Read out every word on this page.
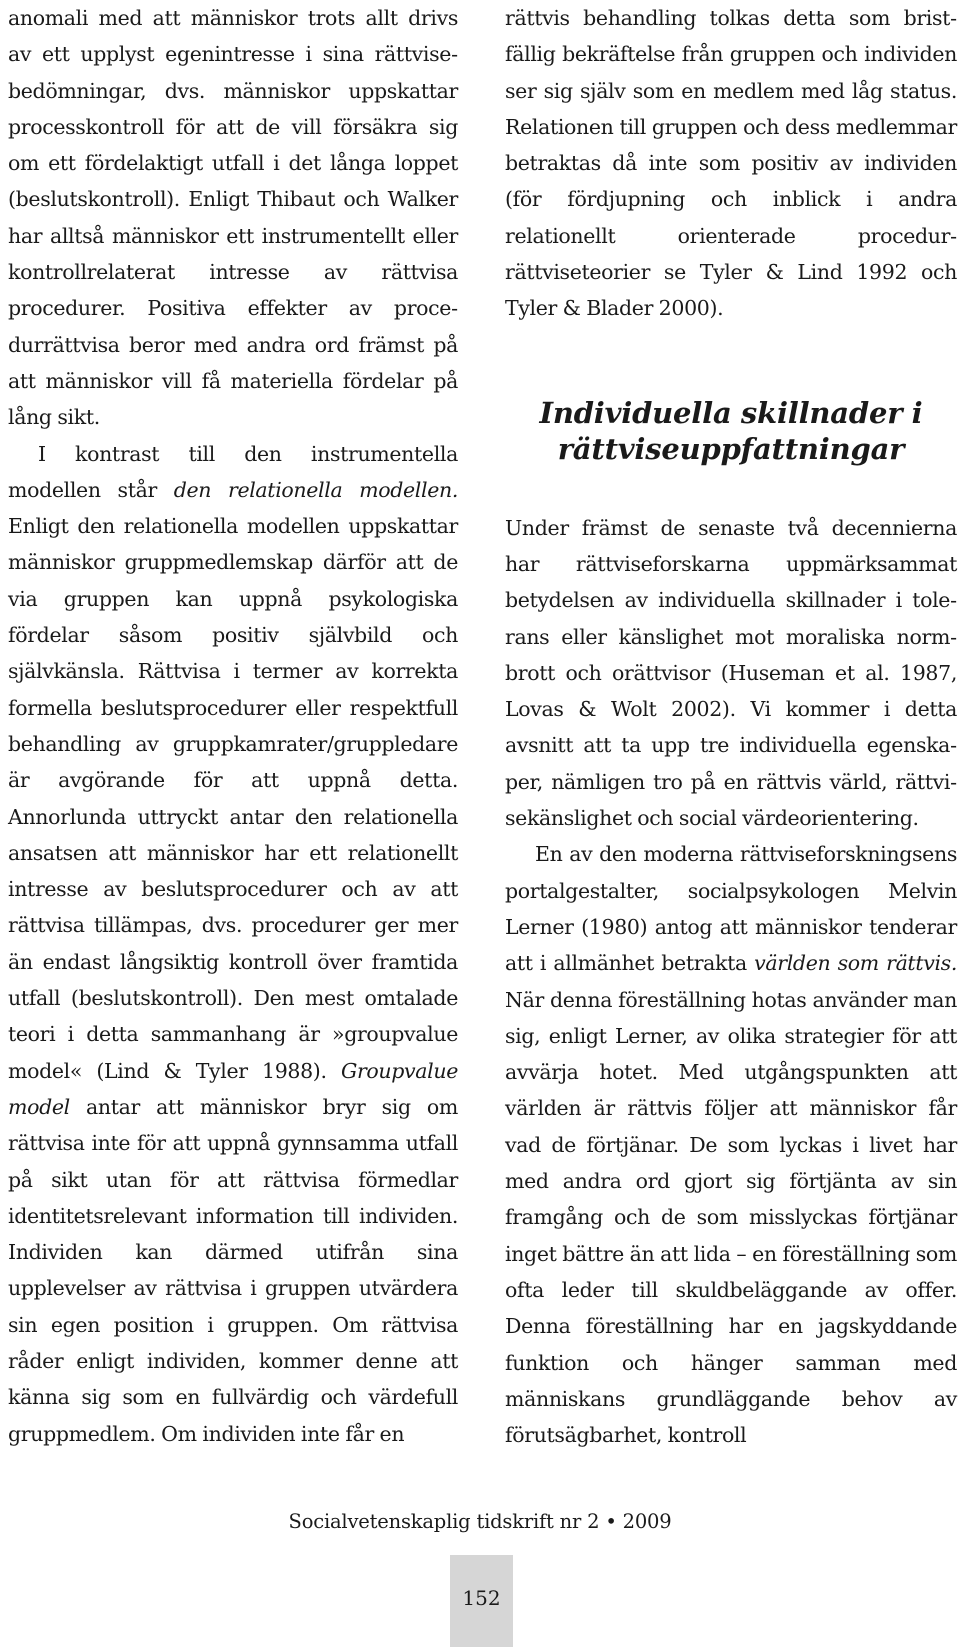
anomali med att människor trots allt drivs av ett upplyst egenintresse i sina rättvisebedömningar, dvs. människor uppskattar processkontroll för att de vill försäkra sig om ett fördelaktigt utfall i det långa loppet (beslutskontroll). Enligt Thibaut och Walker har alltså människor ett instrumentellt eller kontrollrelaterat intresse av rättvisa procedurer. Positiva effekter av procedurrättvisa beror med andra ord främst på att människor vill få materiella fördelar på lång sikt.

I kontrast till den instrumentella modellen står den relationella modellen. Enligt den relationella modellen uppskattar människor gruppmedlemskap därför att de via gruppen kan uppnå psykologiska fördelar såsom positiv självbild och självkänsla. Rättvisa i termer av korrekta formella beslutsprocedurer eller respektfull behandling av gruppkamrater/gruppledare är avgörande för att uppnå detta. Annorlunda uttryckt antar den relationella ansatsen att människor har ett relationellt intresse av beslutsprocedurer och av att rättvisa tillämpas, dvs. procedurer ger mer än endast långsiktig kontroll över framtida utfall (beslutskontroll). Den mest omtalade teori i detta sammanhang är »groupvalue model« (Lind & Tyler 1988). Groupvalue model antar att människor bryr sig om rättvisa inte för att uppnå gynnsamma utfall på sikt utan för att rättvisa förmedlar identitetsrelevant information till individen. Individen kan därmed utifrån sina upplevelser av rättvisa i gruppen utvärdera sin egen position i gruppen. Om rättvisa råder enligt individen, kommer denne att känna sig som en fullvärdig och värdefull gruppmedlem. Om individen inte får en

rättvis behandling tolkas detta som bristfällig bekräftelse från gruppen och individen ser sig själv som en medlem med låg status. Relationen till gruppen och dess medlemmar betraktas då inte som positiv av individen (för fördjupning och inblick i andra relationellt orienterade procedurrättviseteorier se Tyler & Lind 1992 och Tyler & Blader 2000).

Individuella skillnader i
rättviseuppfattningar

Under främst de senaste två decennierna har rättviseforskarna uppmärksammat betydelsen av individuella skillnader i tolerans eller känslighet mot moraliska normbrott och orättvisor (Huseman et al. 1987, Lovas & Wolt 2002). Vi kommer i detta avsnitt att ta upp tre individuella egenskaper, nämligen tro på en rättvis värld, rättvisekänslighet och social värdeorientering.

En av den moderna rättviseforskningsens portalgestalter, socialpsykologen Melvin Lerner (1980) antog att människor tenderar att i allmänhet betrakta världen som rättvis. När denna föreställning hotas använder man sig, enligt Lerner, av olika strategier för att avvärja hotet. Med utgångspunkten att världen är rättvis följer att människor får vad de förtjänar. De som lyckas i livet har med andra ord gjort sig förtjänta av sin framgång och de som misslyckas förtjänar inget bättre än att lida – en föreställning som ofta leder till skuldbeläggande av offer. Denna föreställning har en jagskyddande funktion och hänger samman med människans grundläggande behov av förutsägbarhet, kontroll

Socialvetenskaplig tidskrift nr 2 • 2009
152
